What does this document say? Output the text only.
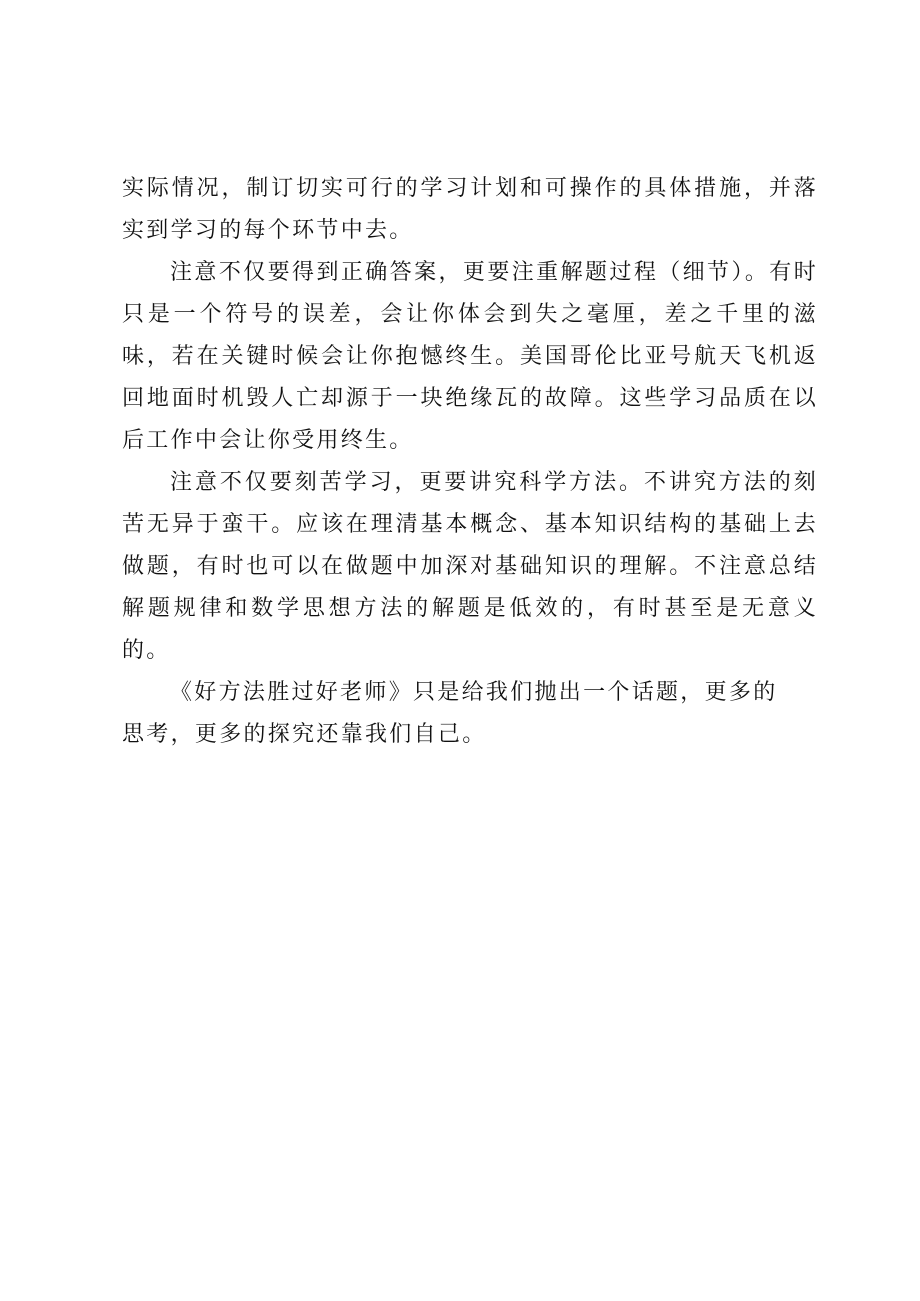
实际情况，制订切实可行的学习计划和可操作的具体措施，并落实到学习的每个环节中去。

注意不仅要得到正确答案，更要注重解题过程（细节）。有时只是一个符号的误差，会让你体会到失之毫厘，差之千里的滋味，若在关键时候会让你抱憾终生。美国哥伦比亚号航天飞机返回地面时机毁人亡却源于一块绝缘瓦的故障。这些学习品质在以后工作中会让你受用终生。

注意不仅要刻苦学习，更要讲究科学方法。不讲究方法的刻苦无异于蛮干。应该在理清基本概念、基本知识结构的基础上去做题，有时也可以在做题中加深对基础知识的理解。不注意总结解题规律和数学思想方法的解题是低效的，有时甚至是无意义的。

《好方法胜过好老师》只是给我们抛出一个话题，更多的思考，更多的探究还靠我们自己。
